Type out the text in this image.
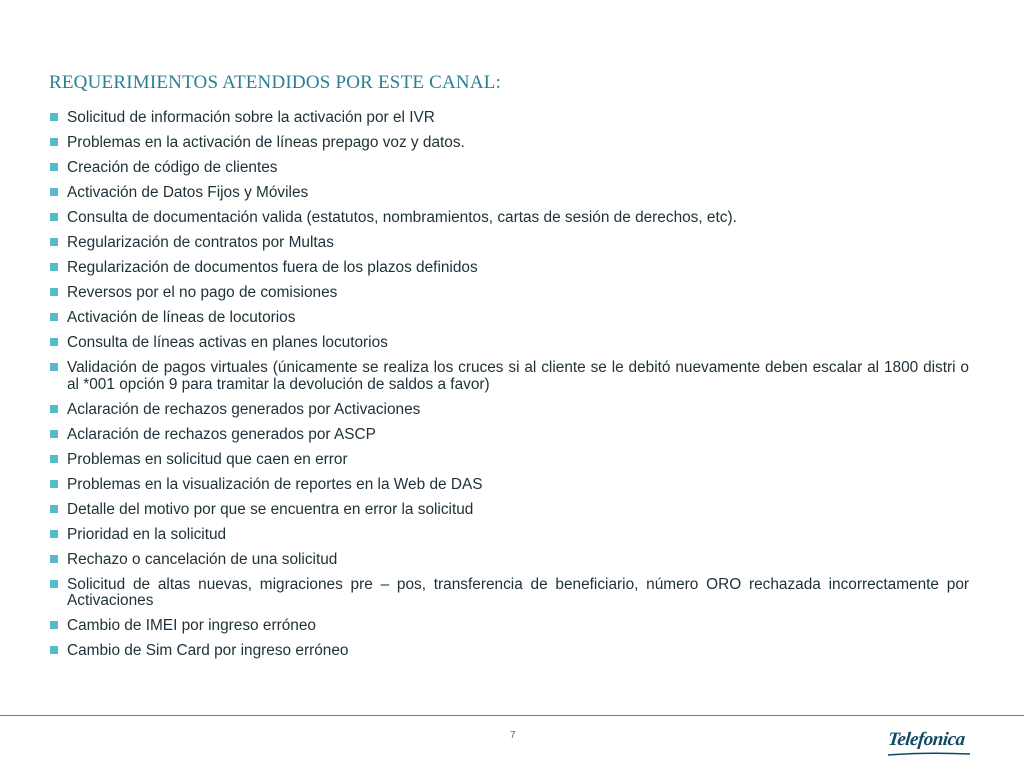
REQUERIMIENTOS ATENDIDOS POR ESTE CANAL:
Solicitud de información sobre la activación por el IVR
Problemas en la activación de líneas prepago voz y datos.
Creación de código de clientes
Activación de Datos Fijos y Móviles
Consulta de documentación valida (estatutos, nombramientos, cartas de sesión de derechos, etc).
Regularización de contratos por Multas
Regularización de documentos fuera de los plazos definidos
Reversos por el no pago de comisiones
Activación de líneas de locutorios
Consulta de líneas activas en planes locutorios
Validación de pagos virtuales (únicamente se realiza los cruces si al cliente se le debitó nuevamente deben escalar al 1800 distri o al *001 opción 9 para tramitar la devolución de saldos a favor)
Aclaración de rechazos generados por Activaciones
Aclaración de rechazos generados por ASCP
Problemas en solicitud que caen en error
Problemas en la visualización de reportes en la Web de DAS
Detalle del motivo por que se encuentra en error la solicitud
Prioridad en la solicitud
Rechazo o cancelación de una solicitud
Solicitud de altas nuevas, migraciones pre – pos, transferencia de beneficiario, número ORO rechazada incorrectamente por Activaciones
Cambio de IMEI por ingreso erróneo
Cambio de Sim Card por ingreso erróneo
7	Telefonica
